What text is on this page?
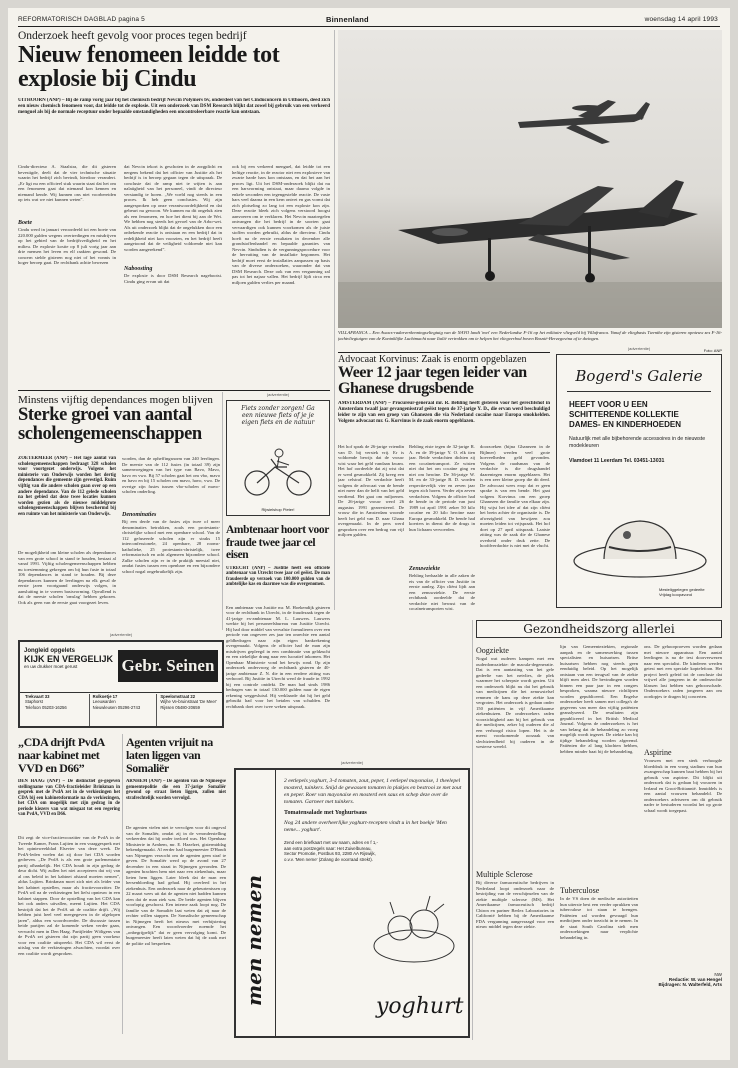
REFORMATORISCH DAGBLAD pagina 5	Binnenland	woensdag 14 april 1993
Onderzoek heeft gevolg voor proces tegen bedrijf
Nieuw fenomeen leidde tot explosie bij Cindu
UITHOORN (ANP) – Bij de ramp vorig jaar bij het chemisch bedrijf Nevcin Polymers bv, onderdeel van het Cinduconcern in Uithoorn, deed zich een nieuw chemisch fenomeen voor, dat leidde tot de explosie. Uit een onderzoek van DSM Research blijkt dat zowel bij gebruik van een verkeerd menguel als bij de normale receptuur onder bepaalde omstandigheden een oncontroleerbare reactie kan ontstaan.
Cindu-directeur A. Staalstra, die dit gisteren bevestigde, deelt dat de vier technische situatie waarin het bedrijf zich bevindt, hierdoor verandert. „Er ligt nu een officieel stuk waarin staat dat het om een fenomeen gaat dat niemand kon kennen en niemand kende. Wij kunnen ons niet voorbereiden op iets wat we niet kunnen weten”.
Boete
Cindu werd in januari veroordeeld tot een boete van 220.000 gulden wegens overtredingen en misdrijven op het gebied van de bedrijfsveiligheid en het milieu. De explosie kostte op 8 juli vorig jaar aan drie mensen het leven en elf raakten gewond. De concern stelde gisteren nog niet of het vonnis in hoger beroep gaat. De rechtbank achtte bewezen
dat Nevcin tekort is geschoten in de zorgplicht en nergens bekend dat het officier van Justitie als het bedrijf is in beroep gegaan tegen de uitspraak. De conclusie dat de ramp niet te wijten is aan nalatigheid van het personeel, vindt de directeur verstandig te horen. „We voeld nog steeds in een proces. Ik heb geen conclusies. Wij zijn aangesproken op onze verantwoordelijkheid en dat gebeurt nu gewoon. We kunnen nu dit ongeluk zien als een fenomeen, en hoe het dient bij aan de Wet. We hebben nog steeds het gevoel van de Arbo-wet. Als uit onderzoek blijkt dat de ongelukken door een onbekende reactie is ontstaan en een bedrijf dat in redelijkheid niet kon voorzien, en het bedrijf heeft aangetoond dat de veiligheid voldoende niet kan worden aangerekend”.
Naboosting
De explosie is door DSM Research nagebootst. Cindu ging ervan uit dat
ook bij een verkeerd menguel, dat leidde tot een heftige reactie, in de reactor niet een explosieve van zwarte harde hars kon ontstaan, en dat het aan het proces ligt. Uit het DSM-onderzoek blijkt dat nu een harsvorming ontstaat, maar daarna volgde in enkele seconden een tegengestelde reactie. De vaste hars veel daarna in een kern ontvet en gas vormt dat zich plotseling zo lang tot een explosie kon zijn. Deze reactie bleek zich volgens verstoord hoogst aanvoeren om te verklaren. Het Nevcin maatregelen ontvangen die het bedrijf in de soorten gaat vervaardigen ook kunnen voorkomen als de juiste stoffen worden gebruikt, aldus de directeur. Cindu hoeft na de eerste resultaten in december alle grondstoffenhandel en bepaalde garanties van Nevcin. Sindsdien is de vergunningsprocedure voor de hervatting van de installatie begonnen. Het bedrijf moet eerst de installaties aanpassen op basis van de diverse onderzoeken, waaronder dat van DSM Research. Deze ook van een vergunning zal pas tot het najaar vallen. Het bedrijf lijdt circa een miljoen gulden verlies per maand.
VILLAFRANCA – Een Awacs-radarverkenningsvliegtuig van de NAVO landt 'met' een Nederlandse F-16 op het militaire vliegveld bij Villafranca. Vanaf de vliegbasis Twenthe zijn gisteren opnieuw zes F-16-jachtvliegtuigen van de Koninklijke Luchtmacht naar Italië vertrokken om te helpen het vliegverbod boven Bosnië-Herzegovina af te dwingen.
Foto: ANP
Minstens vijftig dependances mogen blijven
Sterke groei van aantal scholengemeenschappen
ZOETERMEER (ANP) – Het lage aantal van scholengemeenschappen bedraagt 328 scholen voor voortgezet onderwijs. Volgens het ministerie van Onderwijs worden het dertig dependances die gemeente zijn gevestigd. Ruim vijftig van die andere scholen gaan over op een andere dependance. Van de 112 gelede scholen na het gebied dat deze twee locaties kunnen worden gezien als de nieuwe middelgrote scholengemeenschappen blijven beschermd bij een ruimte van het ministerie van Onderwijs.
De mogelijkheid om kleine scholen als dependances van een grote school in stand te houden, bestaat al vanaf 1991. Vijftig scholengemeenschappen hebben nu toestemming gekregen om bij hun fusie in totaal 106 dependances in stand te houden. Bij deze dependances kunnen de leerlingen na elk geval de eerste jaren voortgaand onderwijs volgen, in aansluiting in te voeren basisvorming. Opvallend is dat de meeste scholen 'omslag' hebben gekozen. Ook als geen van de eerste gaat voorgezet leven.
worden, dan de opheffingsnorm van 240 leerlingen. De meeste van de 112 fusies (in totaal 39) zijn samenvoegingen van het type van Bavo, Mavo, havo en vwo. Bij 57 scholen gaat het om vbo, mavo en havo en bij 15 scholen om mavo, havo, vwo. De overige zijn fusies tussen vbo-scholen of mavo-scholen onderling.
Denominaties
Bij een derde van de fusies zijn twee of meer denominaties betrokken, zoals een protestants-christelijke school met een openbare school. Van de 112 gefuseerde scholen zijn er straks 15 interconfessionele, 24 openbare, 28 rooms-katholieke, 25 protestants-christelijk, twee reformatorisch en acht algemeen bijzondere school. Zulke scholen zijn er in de praktijk meestal niet, omdat fusies tussen een openbare en een bijzondere school nogal ongebruikelijk zijn.
(advertentie)
Fiets zonder zorgen! Ga een nieuwe fiets of je je eigen fiets en de natuur
Rijwielshop Pieter!
Ambtenaar hoort voor fraude twee jaar cel eisen
UTRECHT (ANP) – Justitie heeft een officiële ambtenaar van Utrecht twee jaar cel geëist. De man fraudeerde op verzoek van 100.000 gulden van de ambtelijke kas en daarmee was die overgenomen.
Een ambtenaar van Justitie mr. M. Hoekendijk gisteren voor de rechtbank in Utrecht, in de fraudezaak tegen de 41-jarige ex-ambtenaar M. L. Lauwers. Lauwers werkte bij het personeelsbureau van Justitie Utrecht. Hij had door middel van vervalste formulieren over een periode van ongeveer zes jaar ten onrechte een aantal geldbedragen naar zijn eigen bankrekening overgemaakt. Volgens de officier had de man zijn misdrijven gepleegd in een combinatie van geldzucht en een ziekelijke drang naar een lucratief inkomen. Het Openbaar Ministerie vond het bewijs rond. Op zijn onderzoek ondervroeg de rechtbank gisteren de 40-jarige ambtenaar Z. N. die in een eerdere zitting was verhoord. Bij Justitie in Utrecht werd de fraude in 1992 bij een controle ontdekt. De man had sinds 1986 bedragen van in totaal 130.000 gulden naar de eigen rekening weggesluisd. Hij verklaarde dat hij het geld gebruikt had voor het betalen van schulden. De rechtbank doet over twee weken uitspraak.
Advocaat Korvinus: Zaak is enorm opgeblazen
Weer 12 jaar tegen leider van Ghanese drugsbende
AMSTERDAM (ANP) – Procureur-generaal mr. R. Behling heeft gisteren voor het gerechtshof in Amsterdam twaalf jaar gevangenisstraf geëist tegen de 37-jarige Y. D., die ervan werd beschuldigd leider te zijn van een groep van Ghanezen die via Nederland cocaïne naar Europa smokkelden. Volgens advocaat mr. G. Korvinus is de zaak enorm opgeblazen.
Het hof sprak de 26-jarige vriendin van D. bij verstek vrij. Er is voldoende bewijs dat de vrouw wist waar het geld vandaan kwam. Het hof oordeelde dat zij wist dat er werd gesmokkeld. Zij kreeg een jaar celstraf. De verdachte heeft volgens de advocaat van de bende niet meer dan de helft van het geld verdiend. Het gaat om miljoenen. De 26-jarige vrouw werd 26 augustus 1991 gearresteerd. De vrouw die in Amsterdam woonde heeft het geld van D. naar Ghana overgemaakt. In de pers werd gesproken over een bedrag van vijf miljoen gulden.
Behling eiste tegen de 32-jarige R. A. en de 39-jarige Y. O. elk tien jaar. Beide verdachten dichten zij een cocaïnetransport. Ze wisten niet dat het om cocaïne ging en niet om heroïne. De 36-jarige W. M. en de 33-jarige B. D. worden respectievelijk vier en zeven jaar tegen zich horen. Verder zijn zeven verdachten. Volgens de officier had de bende in de periode van juni 1989 tot april 1991 zeker 50 kilo cocaïne en 20 kilo heroïne naar Europa gesmokkeld. De bende had koeriers in dienst die de drugs in hun lichaam vervoerden.
Zenuwziekte
Behling herhaalde in alle zaken de eis van de officier van Justitie in eerste aanleg. Zijn cliënt lijdt aan een zenuwziekte. De eerste rechtbank oordeelde dat de verdachte niet bewust van de cocaïnetransporten wist.
doorzoeken (bijna Ghanezen in de Bijlmer) werden veel grote hoeveelheden geld gevonden. Volgens de raadsman van de verdachte is die drugshandel daarentegen enorm opgeblazen. Het is een zeer kleine groep die dit deed. De advocaat wees erop dat er geen sprake is van een bende. Het gaat volgens Korvinus om een groep Ghanezen die familie van elkaar zijn. Hij wijst het idee af dat zijn cliënt het brein achter de organisatie is. De afwezigheid van bewijzen zou moeten leiden tot vrijspraak. Het hof doet op 27 april uitspraak. Laatste zitting was de zaak die de Ghanese overheid onder druk zette. De hoofdverdachte is niet met de vlucht.
(advertentie)
Bogerd's Galerie
HEEFT VOOR U EEN SCHITTERENDE KOLLEKTIE DAMES- EN KINDERHOEDEN
Natuurlijk met alle bijbehorende accessoires in de nieuwste modekleuren
Vlamdoet 11 Leerdam Tel. 03451-13031
Mesteliggelegen gedeelte Vrijdag koopavond
Gezondheidszorg allerlei
(advertentie)
Jongleid opgelets
KIJK EN VERGELIJK
en uw drukker moet gerust	Gebr. Seinen
Trekvaart 33
Staphorst
Telefoon 05203-16256
Rolkoetje 17
Leeuwarden
Nieuwleusen 05296-2743
Speelomstraat 22
Wijhe Ve-bruinstraat 'De Meer'
Rijssen 05480-20659
„CDA drijft PvdA naar kabinet met VVD en D66”
DEN HAAG (ANP) – De distinctief ge-gegeven stellingname van CDA-fractieleider Brinkman in gesprek met de PvdA zet in de verkiezingen het CDA bij een kabinetsformatie na de verkiezingen, het CDA om mogelijk met zijn gedrag in de periode kiezers van wat misgaat tot een regering van PvdA, VVD en D66.
Dit zegt de vice-fractievoorzitter van de PvdA in de Tweede Kamer, Frans Lujiten in een vraaggesprek met het opinieweekblad Elsevier van deze week. De PvdA-leden voelen dat zij door het CDA worden gedreven. „De PvdA is als een grote parlementaire partij afhankelijk. Het CDA houdt in zijn gedrag de deur dicht. Wij zullen het niet accepteren dat wij van al ons beleid in het kabinet afstand moeten nemen”, aldus Lujiten. Brinkman moet zich niet als leider van het kabinet opstellen, maar als fractievoorzitter. De PvdA wil na de verkiezingen het liefst opnieuw in een kabinet stappen. Door de opstelling van het CDA kan het ook anders uitvallen, meent Lujiten. Het CDA bestrijdt dat het de PvdA uit de coalitie drijft. „Wij hebben juist heel veel meegegeven in de afgelopen jaren”, aldus een woordvoerder. De discussie tussen beide partijen zal de komende weken verder gaan, verwacht men in Den Haag. Partijleider Wöltgens van de PvdA zei gisteren dat zijn partij geen voorkeur voor een coalitie uitspreekt. Het CDA wil eerst de uitslag van de verkiezingen afwachten, voordat over een coalitie wordt gesproken.
Agenten vrijuit na laten liggen van Somaliër
ARNHEM (ANP) – De agenten van de Nijmeegse gemeentepolitie die een 37-jarige Somaliër gewond op straat lieten liggen, zullen niet strafrechtelijk worden vervolgd.
De agenten vielen niet te vervolgen voor dit ongeval van de Somaliër, omdat zij in de veronderstelling verkeerden dat hij onder invloed was. Het Openbaar Ministerie in Arnhem, mr. E. Hazelzet, gistermiddag bekendgemaakt. Al eerder had burgemeester D'Hondt van Nijmegen verzocht om de agenten geen straf te geven. De Somaliër werd op de avond van 27 december in een straat in Nijmegen gevonden. De agenten brachten hem niet naar een ziekenhuis, maar lieten hem liggen. Later bleek dat de man een hersenbloeding had gehad. Hij overleed in het ziekenhuis. Een onderzoek naar de gebeurtenissen op 22 maart wees uit dat de agenten niet hadden kunnen zien dat de man ziek was. De beide agenten blijven voorlopig geschorst. Een interne zaak loopt nog. De familie van de Somaliër laat weten dat zij naar de rechter willen stappen. De Somalische gemeenschap in Nijmegen heeft het nieuws met verbijstering ontvangen. Een woordvoerder noemde het „onbegrijpelijk” dat er geen vervolging komt. De burgemeester heeft laten weten dat hij de zaak met de politie zal bespreken.
(advertentie)
men nemen
2 eetlepels yoghurt, 3-4 tomaten, zout, peper, 1 eetlepel mayonaise, 1 theelepel mosterd, tuinkers. Snijd de gewassen tomaten in plakjes en bestrooi ze met zout en peper. Roer van mayonaise en mosterd een saus en schep deze over de tomaten. Garneer met tuinkers.
Tomatensalade met Yoghurtsaus
Nog 24 andere overheerlijke yoghurt-recepten vindt u in het boekje 'Men neme... yoghurt'.
Zend een briefkaart met uw naam, adres en f 1,- aan extra postzegels naar: Het Zuivelbureau, Sector Promotie, Postbus 93, 2280 AA Rijswijk, o.v.v. 'Men neme' (Zolang de voorraad strekt).
yoghurt
Oogziekte
Nogal wat ouderen kampen met een ouderdomsziekte: de macula-degeneratie. Dat is een aantasting van het gele gedeelte van het netvlies, de plek waarmee het scherpste wordt gezien. Uit een onderzoek blijkt nu dat het gebruik van medicijnen die het zenuwstelsel remmen de kans op deze ziekte kan vergroten. Het onderzoek is gedaan onder 150 patiënten in vijf Amerikaanse ziekenhuizen. De onderzoekers raden voorzichtigheid aan bij het gebruik van die medicijnen, zeker bij ouderen die al een verhoogd risico lopen. Het is de meest voorkomende oorzaak van slechtziendheid bij ouderen in de westerse wereld.
Multiple Sclerose
Bij diverse farmaceutische bedrijven in Nederland loopt onderzoek naar de bestrijding van de verschijnselen van de ziekte multiple sclerose (MS). Het Amerikaanse farmaceutisch bedrijf Chiron en partner Berlex Laboratories in Californië hebben bij de Amerikaanse FDA vergunning aangevraagd voor een nieuw middel tegen deze ziekte.
lijn van Gemeenteziekten, regionale aanpak en de samenwerking tussen specialisten en huisartsen. Britse huisartsen hebben nog steeds geen eenduidig beleid. Op het mogelijk ontstaan van een terugval van de ziekte blijft men alert. De bevindingen worden binnen een paar jaar in een congres besproken, waarna nieuwe richtlijnen worden gepubliceerd. Een Engelse onderzoeker heeft samen met collega's de gegevens van meer dan vijftig patiënten geanalyseerd. De resultaten zijn gepubliceerd in het British Medical Journal. Volgens de onderzoekers is het van belang dat de behandeling zo vroeg mogelijk wordt ingezet. De ziekte kan bij tijdige behandeling worden afgeremd. Patiënten die al lang klachten hebben, hebben minder baat bij de behandeling.
Tuberculose
In de VS doen de medische autoriteiten hun uiterste best een verder oprukken van tuberculose tot staan te brengen. Patiënten zal worden gevraagd hun medicijnen onder toezicht in te nemen. In de staat South Carolina stelt men onderzoekingen naar verplichte behandeling in.
ons. De gehoorproeven worden gedaan met nieuwe apparatuur. Een aantal leerlingen is na de test doorverwezen naar een specialist. De kinderen werden getest met een speciale koptelefoon. Het project heeft geleid tot de conclusie dat vrijwel alle jongeren in de onderzochte klassen last hebben van gehoorschade. Onderzoekers raden jongeren aan om oordopjes te dragen bij concerten.
Aspirine
Vrouwen met een sterk verhoogde bloeddruk in een vroeg stadium van hun zwangerschap kunnen baat hebben bij het gebruik van aspirine. Dit blijkt uit onderzoek dat is gedaan bij vrouwen in Ierland en Groot-Brittannië. Inmiddels is een aantal vrouwen behandeld. De onderzoekers adviseren om dit gebruik nader te bestuderen voordat het op grote schaal wordt toegepast.
NW
Redactie: W. van Hengel
Bijdragen: N. Walterfeld, Arts
